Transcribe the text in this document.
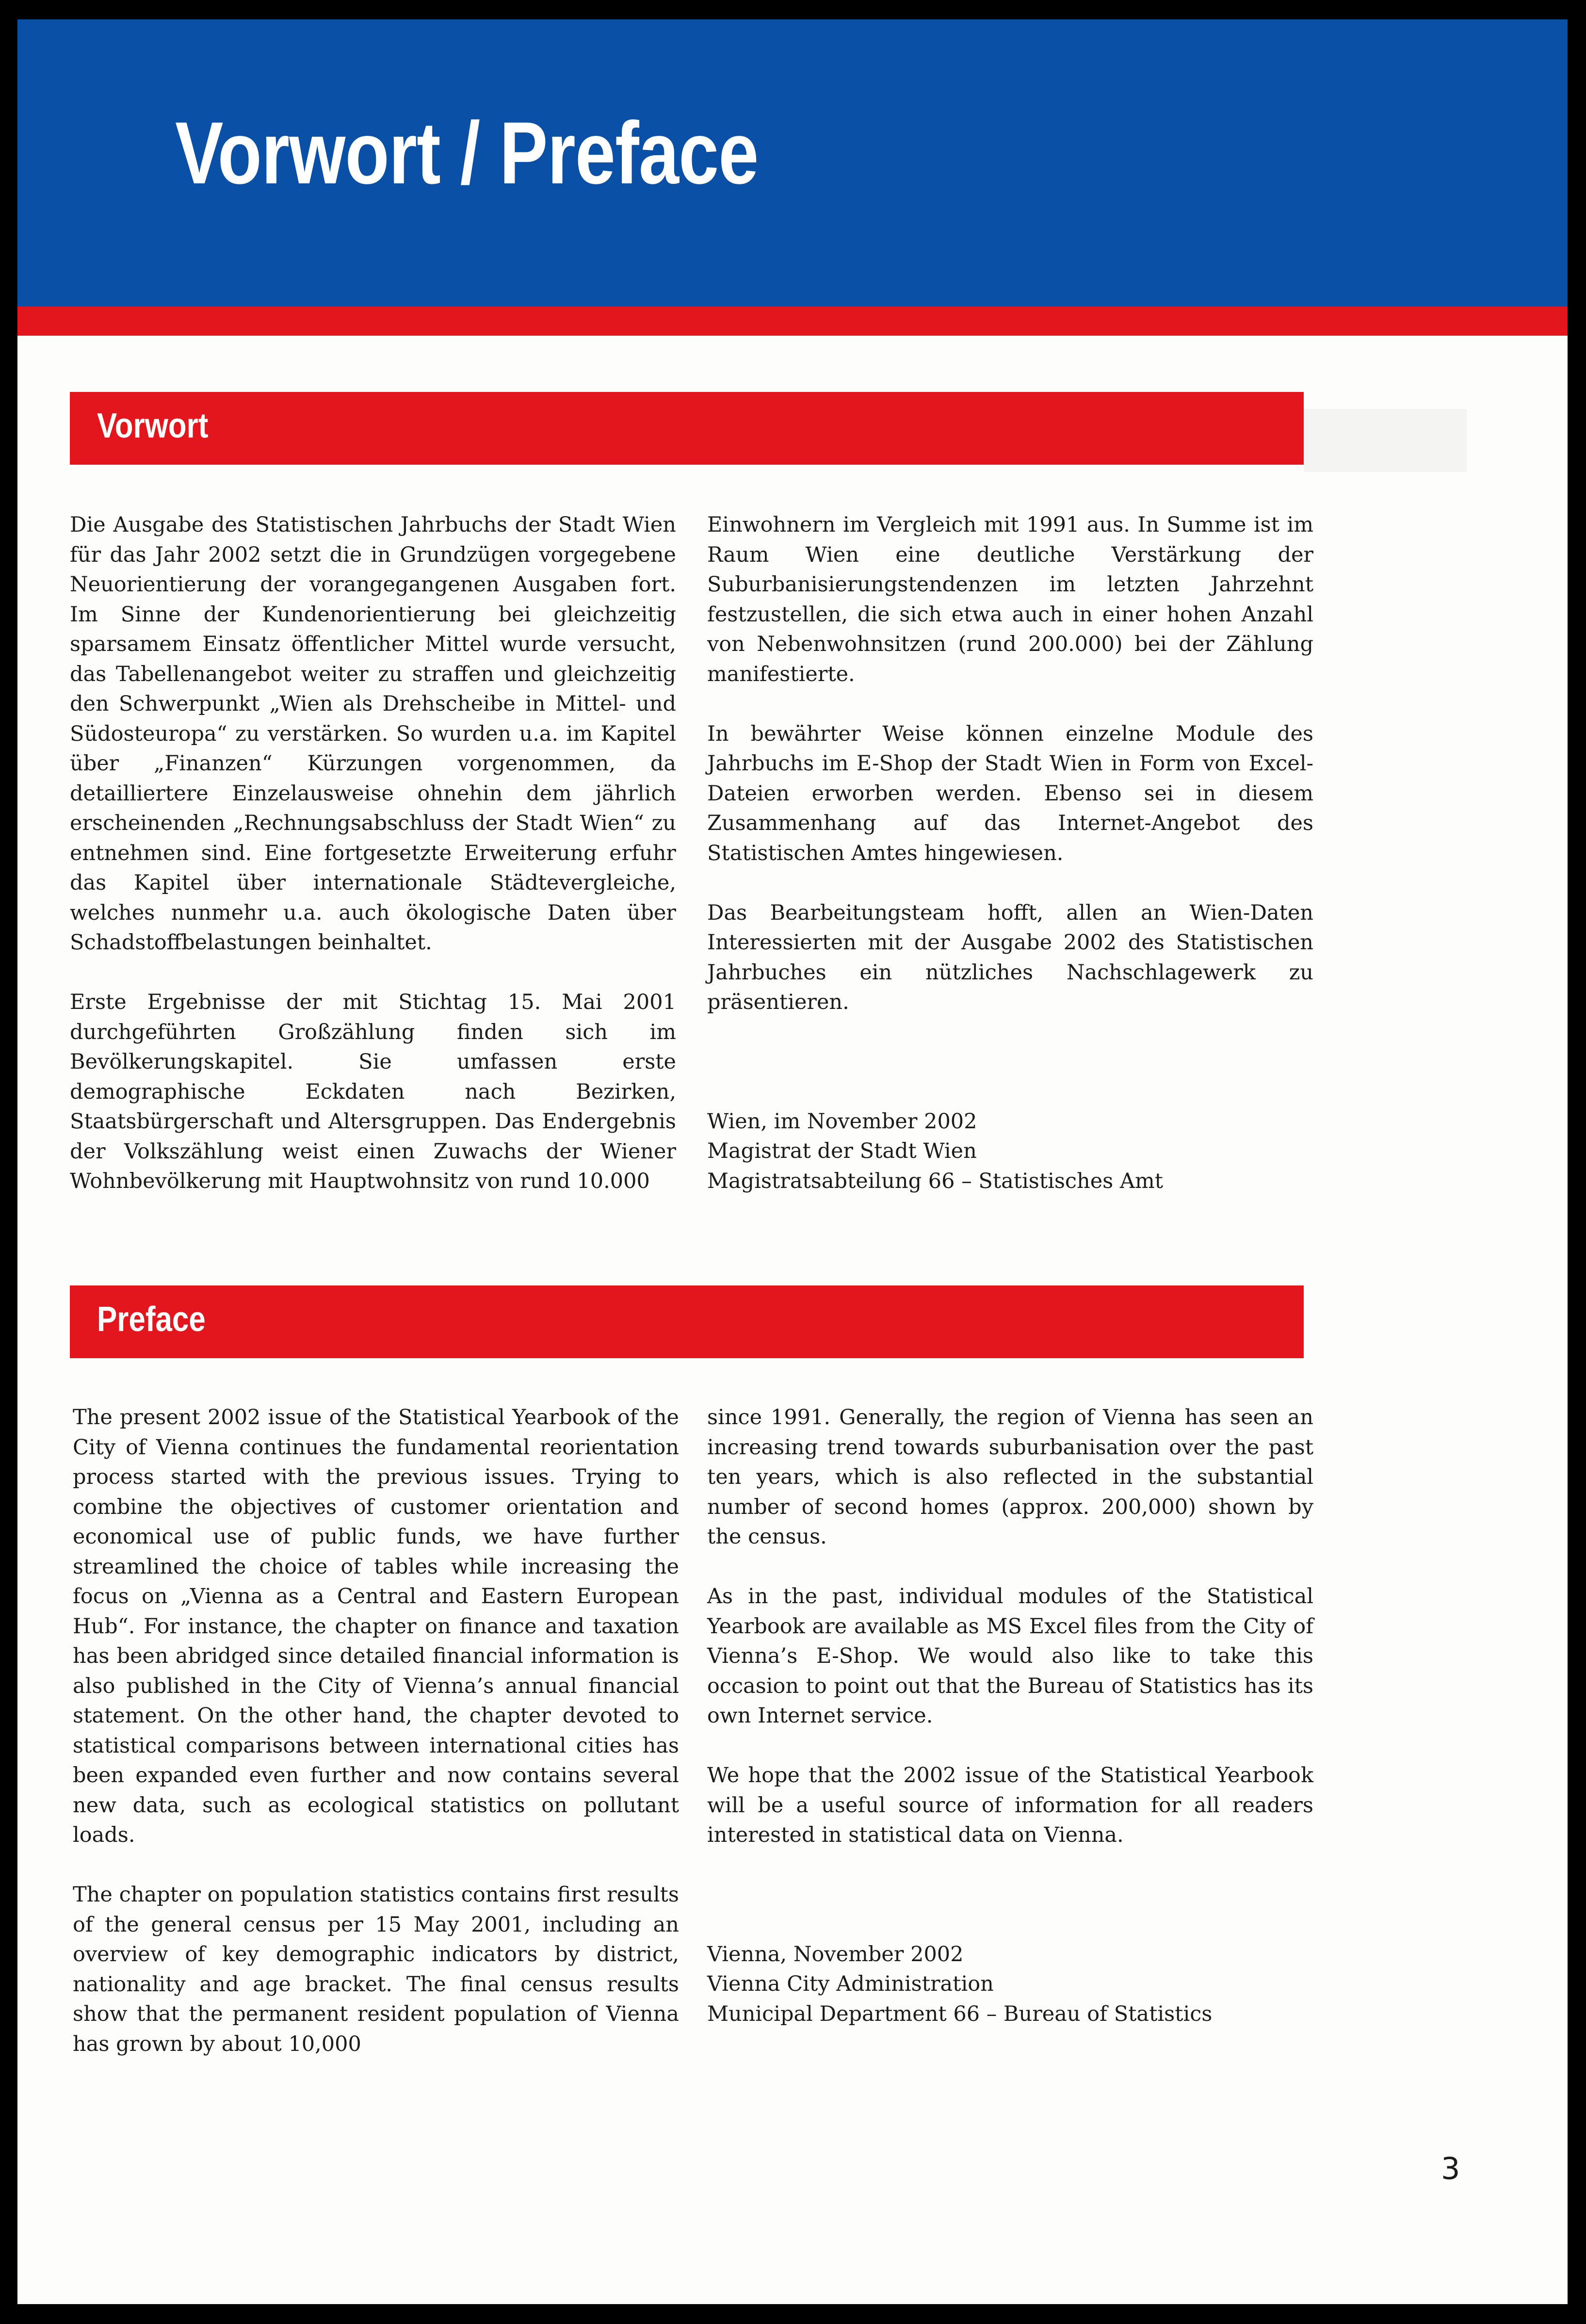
Vorwort / Preface
Vorwort

Die Ausgabe des Statistischen Jahrbuchs der Stadt Wien für das Jahr 2002 setzt die in Grundzügen vorgegebene Neuorientierung der vorangegangenen Ausgaben fort. Im Sinne der Kundenorientierung bei gleichzeitig sparsamem Einsatz öffentlicher Mittel wurde versucht, das Tabellenangebot weiter zu straffen und gleichzeitig den Schwerpunkt „Wien als Drehscheibe in Mittel- und Südosteuropa“ zu verstärken. So wurden u.a. im Kapitel über „Finanzen“ Kürzungen vorgenommen, da detailliertere Einzelausweise ohnehin dem jährlich erscheinenden „Rechnungsabschluss der Stadt Wien“ zu entnehmen sind. Eine fortgesetzte Erweiterung erfuhr das Kapitel über internationale Städtevergleiche, welches nunmehr u.a. auch ökologische Daten über Schadstoffbelastungen beinhaltet.

Erste Ergebnisse der mit Stichtag 15. Mai 2001 durchgeführten Großzählung finden sich im Bevölkerungskapitel. Sie umfassen erste demographische Eckdaten nach Bezirken, Staatsbürgerschaft und Altersgruppen. Das Endergebnis der Volkszählung weist einen Zuwachs der Wiener Wohnbevölkerung mit Hauptwohnsitz von rund 10.000

Einwohnern im Vergleich mit 1991 aus. In Summe ist im Raum Wien eine deutliche Verstärkung der Suburbanisierungstendenzen im letzten Jahrzehnt festzustellen, die sich etwa auch in einer hohen Anzahl von Nebenwohnsitzen (rund 200.000) bei der Zählung manifestierte.

In bewährter Weise können einzelne Module des Jahrbuchs im E-Shop der Stadt Wien in Form von Excel-Dateien erworben werden. Ebenso sei in diesem Zusammenhang auf das Internet-Angebot des Statistischen Amtes hingewiesen.

Das Bearbeitungsteam hofft, allen an Wien-Daten Interessierten mit der Ausgabe 2002 des Statistischen Jahrbuches ein nützliches Nachschlagewerk zu präsentieren.

Wien, im November 2002
Magistrat der Stadt Wien
Magistratsabteilung 66 – Statistisches Amt

Preface

The present 2002 issue of the Statistical Yearbook of the City of Vienna continues the fundamental reorientation process started with the previous issues. Trying to combine the objectives of customer orientation and economical use of public funds, we have further streamlined the choice of tables while increasing the focus on „Vienna as a Central and Eastern European Hub“. For instance, the chapter on finance and taxation has been abridged since detailed financial information is also published in the City of Vienna’s annual financial statement. On the other hand, the chapter devoted to statistical comparisons between international cities has been expanded even further and now contains several new data, such as ecological statistics on pollutant loads.

The chapter on population statistics contains first results of the general census per 15 May 2001, including an overview of key demographic indicators by district, nationality and age bracket. The final census results show that the permanent resident population of Vienna has grown by about 10,000

since 1991. Generally, the region of Vienna has seen an increasing trend towards suburbanisation over the past ten years, which is also reflected in the substantial number of second homes (approx. 200,000) shown by the census.

As in the past, individual modules of the Statistical Yearbook are available as MS Excel files from the City of Vienna’s E-Shop. We would also like to take this occasion to point out that the Bureau of Statistics has its own Internet service.

We hope that the 2002 issue of the Statistical Yearbook will be a useful source of information for all readers interested in statistical data on Vienna.

Vienna, November 2002
Vienna City Administration
Municipal Department 66 – Bureau of Statistics

3
